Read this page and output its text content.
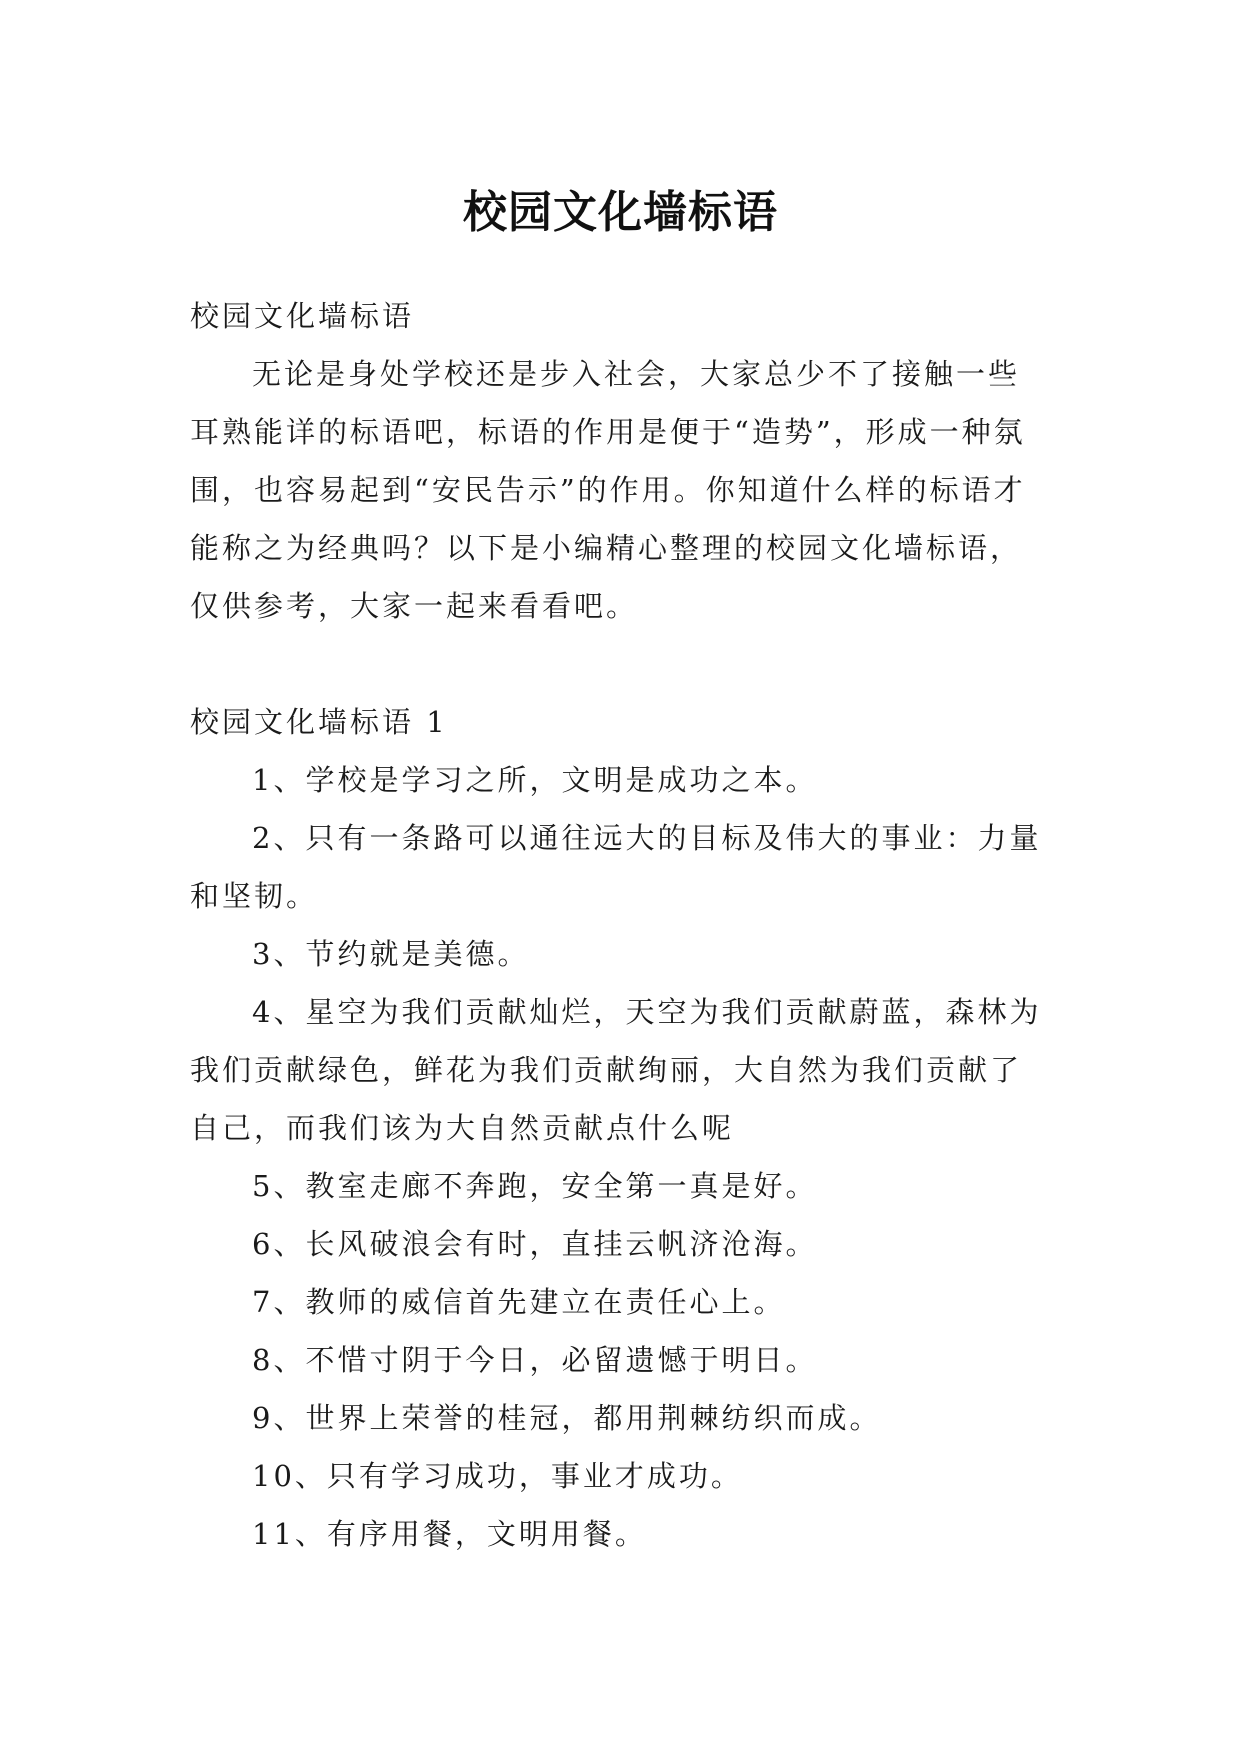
校园文化墙标语

校园文化墙标语

无论是身处学校还是步入社会，大家总少不了接触一些耳熟能详的标语吧，标语的作用是便于“造势”，形成一种氛围，也容易起到“安民告示”的作用。你知道什么样的标语才能称之为经典吗？以下是小编精心整理的校园文化墙标语，仅供参考，大家一起来看看吧。

校园文化墙标语 1

1、学校是学习之所，文明是成功之本。

2、只有一条路可以通往远大的目标及伟大的事业：力量和坚韧。

3、节约就是美德。

4、星空为我们贡献灿烂，天空为我们贡献蔚蓝，森林为我们贡献绿色，鲜花为我们贡献绚丽，大自然为我们贡献了自己，而我们该为大自然贡献点什么呢

5、教室走廊不奔跑，安全第一真是好。

6、长风破浪会有时，直挂云帆济沧海。

7、教师的威信首先建立在责任心上。

8、不惜寸阴于今日，必留遗憾于明日。

9、世界上荣誉的桂冠，都用荆棘纺织而成。

10、只有学习成功，事业才成功。

11、有序用餐，文明用餐。
